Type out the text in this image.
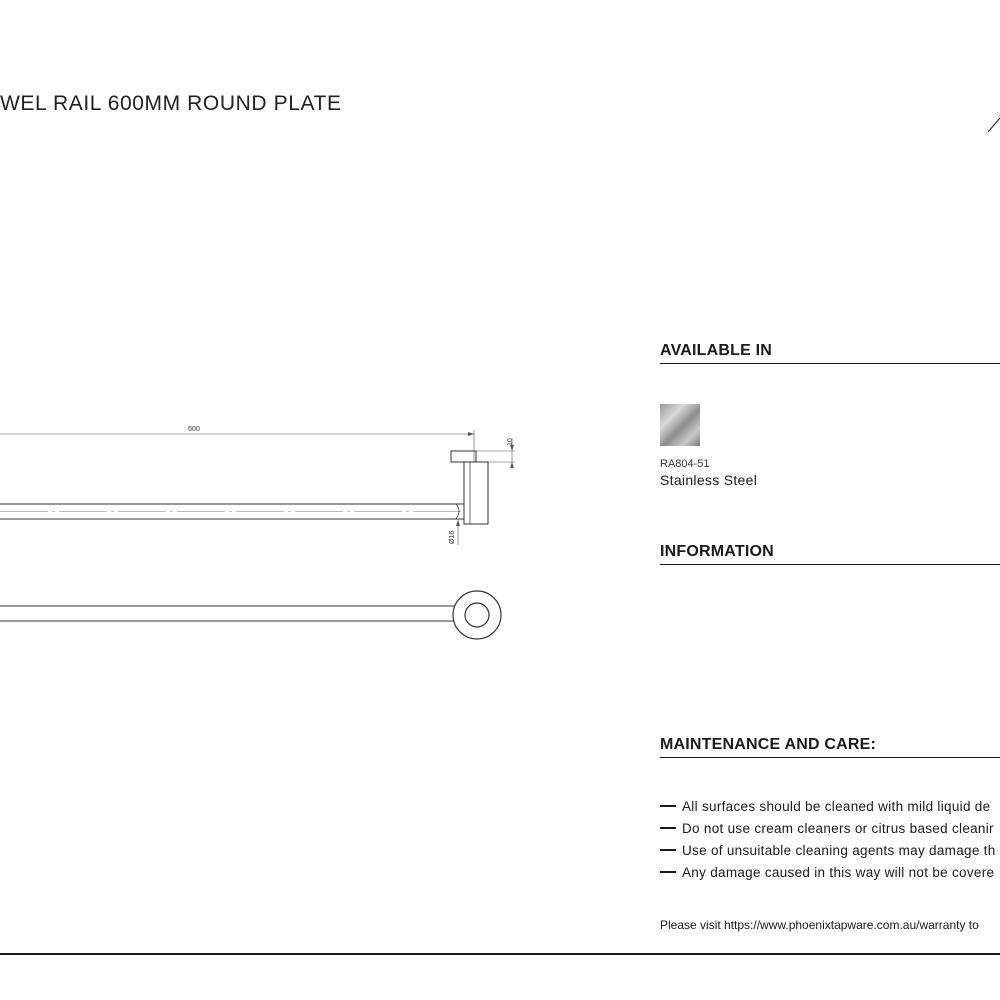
WEL RAIL 600MM ROUND PLATE
600
10
Ø16
AVAILABLE IN
RA804-51
Stainless Steel
INFORMATION
MAINTENANCE AND CARE:
All surfaces should be cleaned with mild liquid de
Do not use cream cleaners or citrus based cleanir
Use of unsuitable cleaning agents may damage th
Any damage caused in this way will not be covere
Please visit https://www.phoenixtapware.com.au/warranty to
